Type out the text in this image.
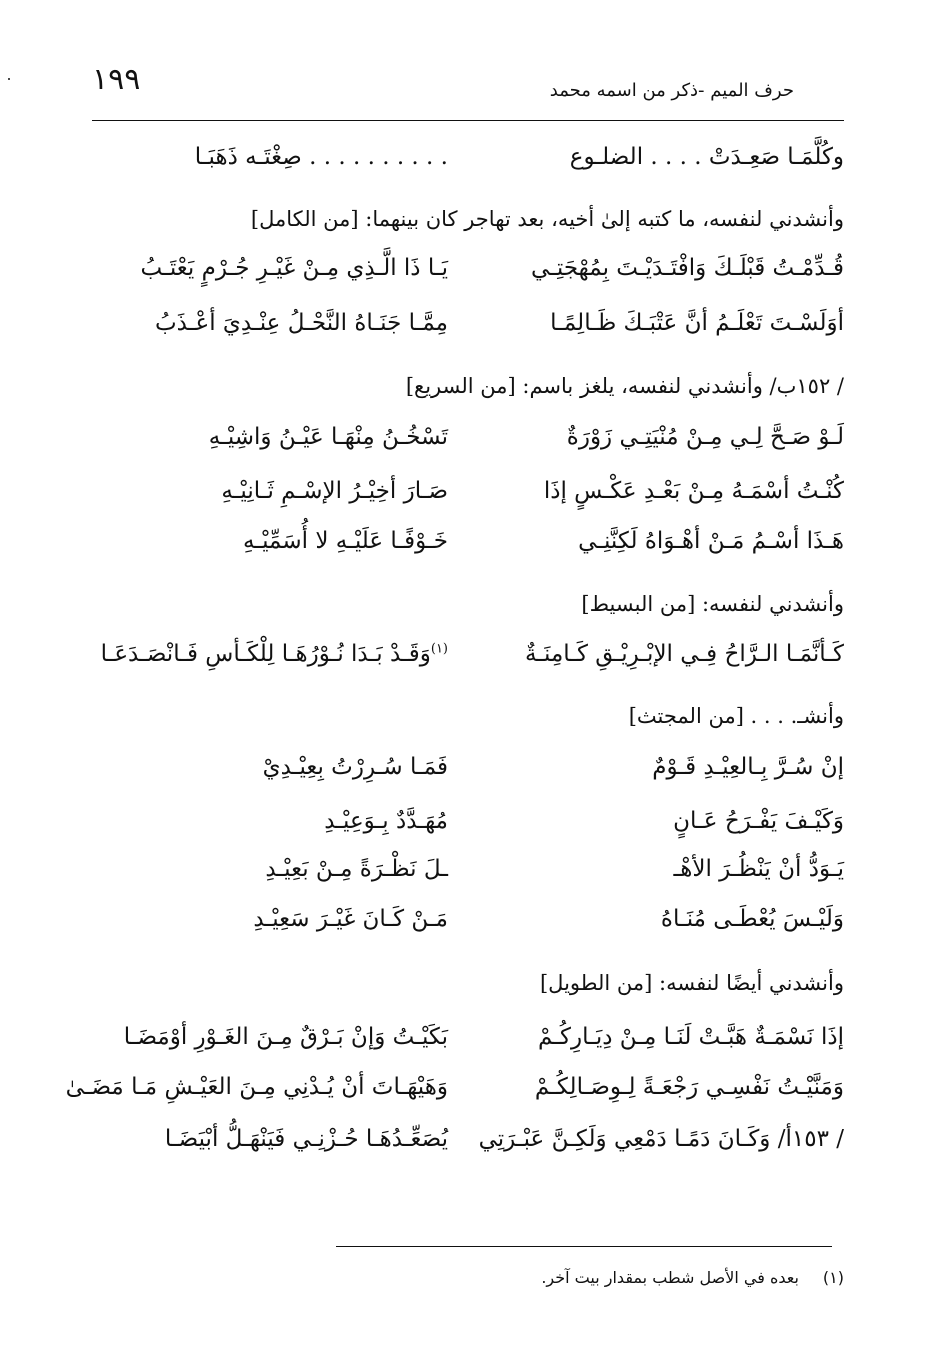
١٩٩	حرف الميم -ذكر من اسمه محمد
وكُلَّمَـا صَعِـدَتْ . . . . الضلـوع
. . . . . . . . . . صِغْتَـه ذَهَبَـا
وأنشدني لنفسه، ما كتبه إلىٰ أخيه، بعد تهاجر كان بينهما: [من الكامل]
قُـدِّمْـتُ قَبْلَـكَ وَافْتَـدَيْـتَ بِمُهْجَتِـي
يَـا ذَا الَّـذِي مِـنْ غَيْـرِ جُـرْمٍ يَعْتَـبُ
أوَلَسْـتَ تَعْلَـمُ أنَّ عَتْبَـكَ ظَـالِمًـا
مِمَّـا جَنَـاهُ النَّحْـلُ عِنْـدِيَ أعْـذَبُ
/ ١٥٢ب/ وأنشدني لنفسه، يلغز باسم: [من السريع]
لَـوْ صَـحَّ لِـي مِـنْ مُنْيَتِـي زَوْرَةٌ
تَسْخُـنُ مِنْهَـا عَيْـنُ وَاشِيْـهِ
كُنْـتُ أسْمَـهُ مِـنْ بَعْـدِ عَكْـسٍ إذَا
صَـارَ أخِيْـرُ الإسْـمِ ثَـانِيْـهِ
هَـذَا أسْـمُ مَـنْ أهْـوَاهُ لَكِنَّنِـي
خَـوْفًـا عَلَيْـهِ لا أُسَمِّيْـهِ
وأنشدني لنفسه: [من البسيط]
كَـأنَّمَـا الـرَّاحُ فِـي الإبْـرِيْـقِ كَـامِنَـةٌ
$^{(١)}$وَقَـدْ بَـدَا نُـوْرُهَـا لِلْكَـأسِ فَـانْصَـدَعَـا
وأنشـ. . . . [من المجتث]
إنْ سُـرَّ بِـالعِيْـدِ قَـوْمٌ
فَمَـا سُـرِرْتُ بِعِيْـدِيْ
وَكَيْـفَ يَفْـرَحُ عَـانٍ
مُهَـدَّدٌ بِـوَعِيْـدِ
يَـوَدُّ أنْ يَنْظُـرَ الأهْـ
ـلَ نَظْـرَةً مِـنْ بَعِيْـدِ
وَلَيْـسَ يُعْطَـى مُنَـاهُ
مَـنْ كَـانَ غَيْـرَ سَعِيْـدِ
وأنشدني أيضًا لنفسه: [من الطويل]
إذَا نَسْمَـةٌ هَبَّـتْ لَنَـا مِـنْ دِيَـارِكُـمْ
بَكَيْـتُ وَإنْ بَـرْقٌ مِـنَ الغَـوْرِ أوْمَضَـا
وَمَنَّيْـتُ نَفْسِـي رَجْعَـةً لِـوِصَـالِكُـمْ
وَهَيْهَـاتَ أنْ يُـدْنِي مِـنَ العَيْـشِ مَـا مَضَـىٰ
/ ١٥٣أ/ وَكَـانَ دَمًـا دَمْعِي وَلَكِـنَّ عَبْـرَتِي
يُصَعِّـدُهَـا حُـزْنِـي فَيَنْهَـلُّ أبْيَضَـا
(١)بعده في الأصل شطب بمقدار بيت آخر.
